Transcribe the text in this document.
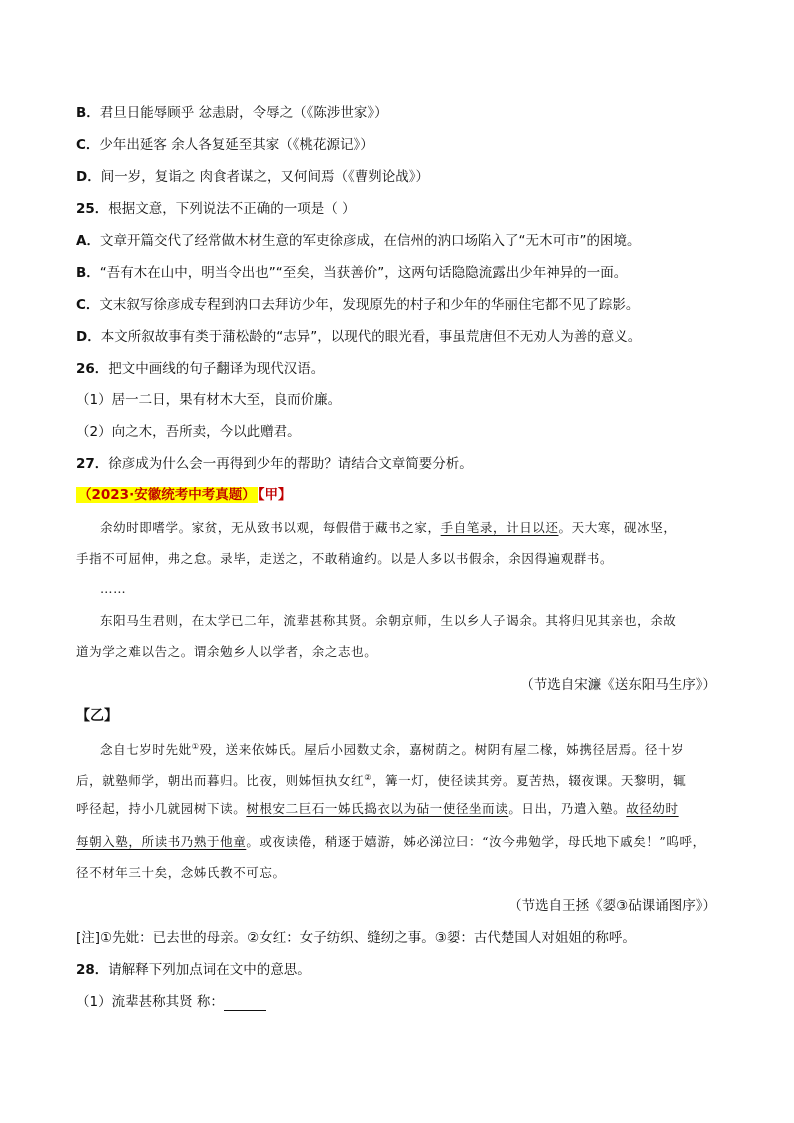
B．君旦日能辱顾乎 忿恚尉，令辱之（《陈涉世家》）
C．少年出延客 余人各复延至其家（《桃花源记》）
D．间一岁，复诣之 肉食者谋之，又何间焉（《曹刿论战》）
25．根据文意，下列说法不正确的一项是（ ）
A．文章开篇交代了经常做木材生意的军吏徐彦成，在信州的汭口场陷入了“无木可市”的困境。
B．“吾有木在山中，明当令出也”“至矣，当获善价”，这两句话隐隐流露出少年神异的一面。
C．文末叙写徐彦成专程到汭口去拜访少年，发现原先的村子和少年的华丽住宅都不见了踪影。
D．本文所叙故事有类于蒲松龄的“志异”，以现代的眼光看，事虽荒唐但不无劝人为善的意义。
26．把文中画线的句子翻译为现代汉语。
（1）居一二日，果有材木大至，良而价廉。
（2）向之木，吾所卖，今以此赠君。
27．徐彦成为什么会一再得到少年的帮助？请结合文章简要分析。
（2023·安徽统考中考真题） 【甲】
余幼时即嗜学。家贫，无从致书以观，每假借于藏书之家，手自笔录，计日以还。天大寒，砚冰坚，
手指不可屈伸，弗之怠。录毕，走送之，不敢稍逾约。以是人多以书假余，余因得遍观群书。
……
东阳马生君则，在太学已二年，流辈甚称其贤。余朝京师，生以乡人子谒余。其将归见其亲也，余故
道为学之难以告之。谓余勉乡人以学者，余之志也。
（节选自宋濂《送东阳马生序》）
【乙】
念自七岁时先妣①殁，送来依姊氏。屋后小园数丈余，嘉树荫之。树阴有屋二椽，姊携径居焉。径十岁
后，就塾师学，朝出而暮归。比夜，则姊恒执女红②，篝一灯，使径读其旁。夏苦热，辍夜课。天黎明，辄
呼径起，持小几就园树下读。树根安二巨石一姊氏捣衣以为砧一使径坐而读。日出，乃遣入塾。故径幼时
每朝入塾，所读书乃熟于他童。或夜读倦，稍逐于嬉游，姊必涕泣曰：“汝今弗勉学，母氏地下戚矣！”呜呼，
径不材年三十矣，念姊氏教不可忘。
（节选自王拯《媭③砧课诵图序》）
[注]①先妣：已去世的母亲。②女红：女子纺织、缝纫之事。③媭：古代楚国人对姐姐的称呼。
28．请解释下列加点词在文中的意思。
（1）流辈甚称其贤 称：
